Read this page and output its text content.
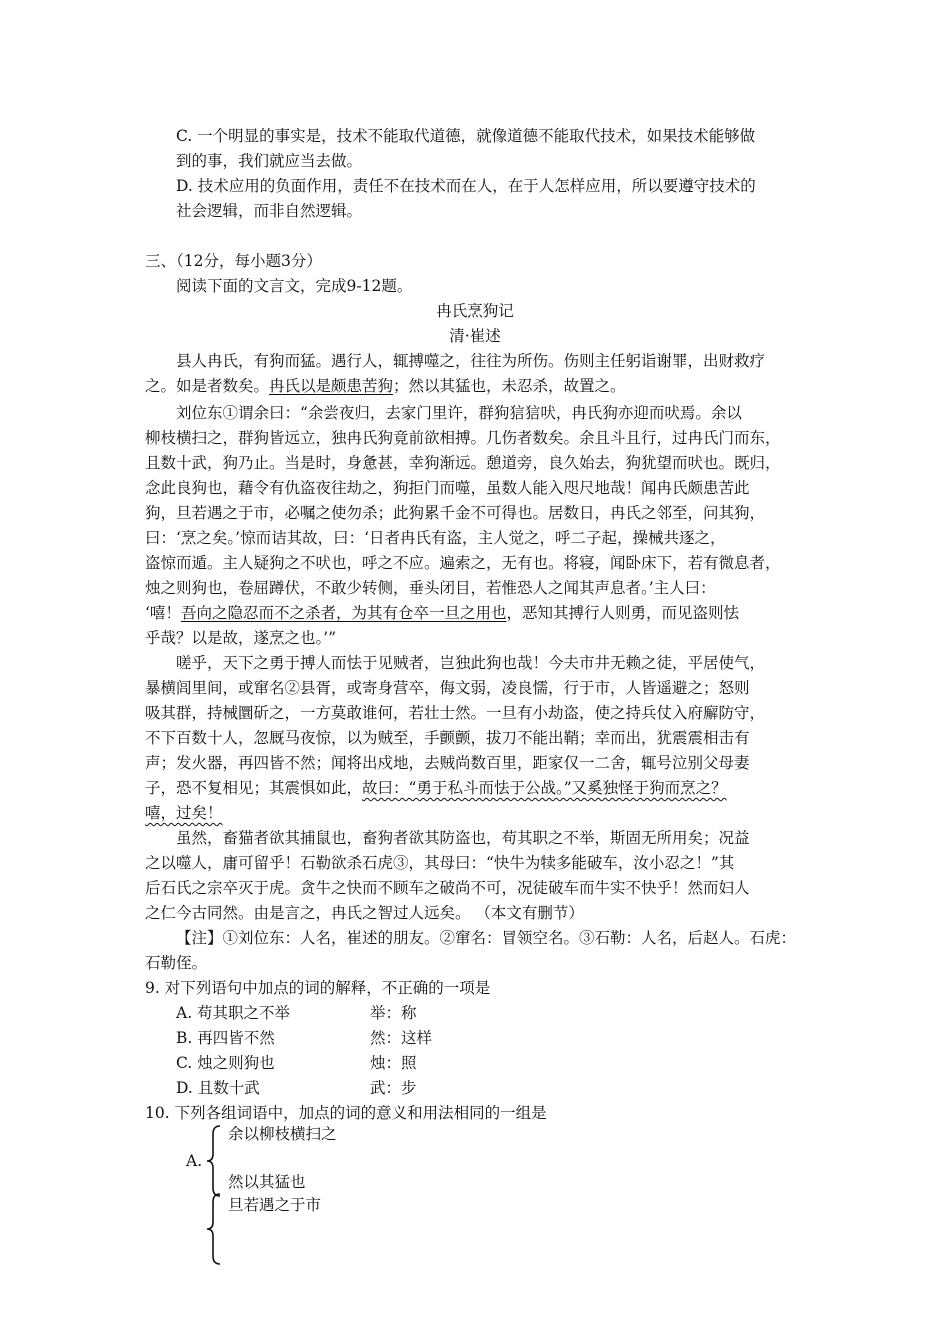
C. 一个明显的事实是，技术不能取代道德，就像道德不能取代技术，如果技术能够做
到的事，我们就应当去做。
D. 技术应用的负面作用，责任不在技术而在人，在于人怎样应用，所以要遵守技术的
社会逻辑，而非自然逻辑。
三、（12分，每小题3分）
阅读下面的文言文，完成9-12题。
冉氏烹狗记
清·崔述
县人冉氏，有狗而猛。遇行人，辄搏噬之，往往为所伤。伤则主任躬诣谢罪，出财救疗
之。如是者数矣。冉氏以是颇患苦狗；然以其猛也，未忍杀，故置之。
刘位东①谓余曰：“余尝夜归，去家门里许，群狗狺狺吠，冉氏狗亦迎而吠焉。余以
柳枝横扫之，群狗皆远立，独冉氏狗竟前欲相搏。几伤者数矣。余且斗且行，过冉氏门而东，
且数十武，狗乃止。当是时，身惫甚，幸狗渐远。憩道旁，良久始去，狗犹望而吠也。既归，
念此良狗也，藉令有仇盗夜往劫之，狗拒门而噬，虽数人能入咫尺地哉！闻冉氏颇患苦此
狗，旦若遇之于市，必嘱之使勿杀；此狗累千金不可得也。居数日，冉氏之邻至，问其狗，
曰：‘烹之矣。’惊而诘其故，曰：‘日者冉氏有盗，主人觉之，呼二子起，操械共逐之，
盗惊而遁。主人疑狗之不吠也，呼之不应。遍索之，无有也。将寝，闻卧床下，若有微息者，
烛之则狗也，卷屈蹲伏，不敢少转侧，垂头闭目，若惟恐人之闻其声息者。’主人曰：
‘嘻！吾向之隐忍而不之杀者，为其有仓卒一旦之用也，恶知其搏行人则勇，而见盗则怯
乎哉？以是故，遂烹之也。’”
嗟乎，天下之勇于搏人而怯于见贼者，岂独此狗也哉！今夫市井无赖之徒，平居使气，
暴横闾里间，或窜名②县胥，或寄身营卒，侮文弱，凌良懦，行于市，人皆遥避之；怒则
吸其群，持械圜斫之，一方莫敢谁何，若壮士然。一旦有小劫盗，使之持兵仗入府廨防守，
不下百数十人，忽厩马夜惊，以为贼至，手颤颤，拔刀不能出鞘；幸而出，犹震震相击有
声；发火器，再四皆不然；闻将出戍地，去贼尚数百里，距家仅一二舍，辄号泣别父母妻
子，恐不复相见；其震惧如此，故曰：“勇于私斗而怯于公战。”又奚独怪于狗而烹之？
嘻，过矣！
虽然，畜猫者欲其捕鼠也，畜狗者欲其防盗也，苟其职之不举，斯固无所用矣；况益
之以噬人，庸可留乎！石勒欲杀石虎③，其母曰：“快牛为犊多能破车，汝小忍之！”其
后石氏之宗卒灭于虎。贪牛之快而不顾车之破尚不可，况徒破车而牛实不快乎！然而妇人
之仁今古同然。由是言之，冉氏之智过人远矣。 （本文有删节）
【注】①刘位东：人名，崔述的朋友。②窜名：冒领空名。③石勒：人名，后赵人。石虎：
石勒侄。
9. 对下列语句中加点的词的解释，不正确的一项是
A. 苟其职之不举	举：称
B. 再四皆不然	然：这样
C. 烛之则狗也	烛：照
D. 且数十武	武：步
10. 下列各组词语中，加点的词的意义和用法相同的一组是
A.
余以柳枝横扫之
然以其猛也
旦若遇之于市
